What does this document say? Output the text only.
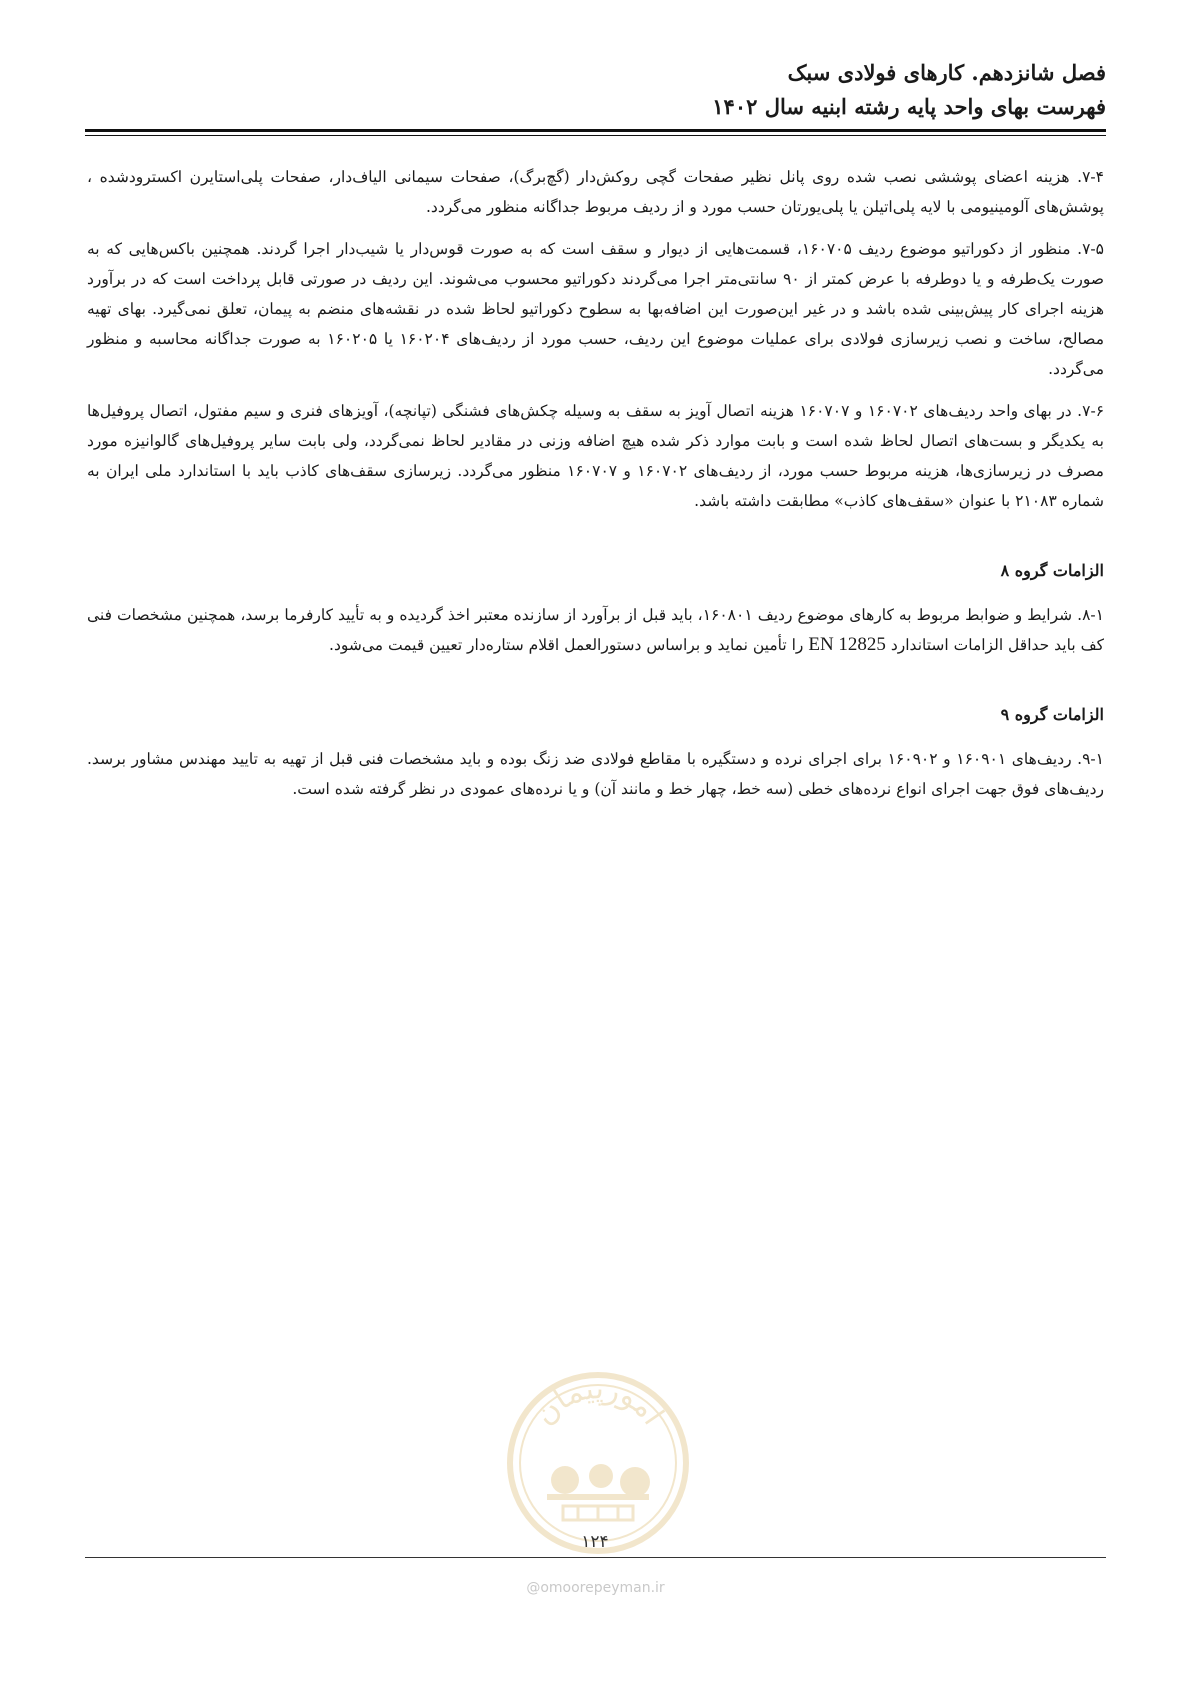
فصل شانزدهم. کارهای فولادی سبک
فهرست بهای واحد پایه رشته ابنیه سال ۱۴۰۲

۷-۴. هزینه اعضای پوششی نصب شده روی پانل نظیر صفحات گچی روکش‌دار (گچ‌برگ)، صفحات سیمانی الیاف‌دار، صفحات پلی‌استایرن اکسترودشده ، پوشش‌های آلومینیومی با لایه پلی‌اتیلن یا پلی‌یورتان حسب مورد و از ردیف مربوط جداگانه منظور می‌گردد.

۷-۵. منظور از دکوراتیو موضوع ردیف ۱۶۰۷۰۵، قسمت‌هایی از دیوار و سقف است که به صورت قوس‌دار یا شیب‌دار اجرا گردند. همچنین باکس‌هایی که به صورت یک‌طرفه و یا دوطرفه با عرض کمتر از ۹۰ سانتی‌متر اجرا می‌گردند دکوراتیو محسوب می‌شوند. این ردیف در صورتی قابل پرداخت است که در برآورد هزینه اجرای کار پیش‌بینی شده باشد و در غیر این‌صورت این اضافه‌بها به سطوح دکوراتیو لحاظ شده در نقشه‌های منضم به پیمان، تعلق نمی‌گیرد. بهای تهیه مصالح، ساخت و نصب زیرسازی فولادی برای عملیات موضوع این ردیف، حسب مورد از ردیف‌های ۱۶۰۲۰۴ یا ۱۶۰۲۰۵ به صورت جداگانه محاسبه و منظور می‌گردد.

۷-۶. در بهای واحد ردیف‌های ۱۶۰۷۰۲ و ۱۶۰۷۰۷ هزینه اتصال آویز به سقف به وسیله چکش‌های فشنگی (تپانچه)، آویزهای فنری و سیم مفتول، اتصال پروفیل‌ها به یکدیگر و بست‌های اتصال لحاظ شده است و بابت موارد ذکر شده هیچ اضافه وزنی در مقادیر لحاظ نمی‌گردد، ولی بابت سایر پروفیل‌های گالوانیزه مورد مصرف در زیرسازی‌ها، هزینه مربوط حسب مورد، از ردیف‌های ۱۶۰۷۰۲ و ۱۶۰۷۰۷ منظور می‌گردد. زیرسازی سقف‌های کاذب باید با استاندارد ملی ایران به شماره ۲۱۰۸۳ با عنوان «سقف‌های کاذب» مطابقت داشته باشد.

الزامات گروه ۸

۸-۱. شرایط و ضوابط مربوط به کارهای موضوع ردیف ۱۶۰۸۰۱، باید قبل از برآورد از سازنده معتبر اخذ گردیده و به تأیید کارفرما برسد، همچنین مشخصات فنی کف باید حداقل الزامات استاندارد EN 12825 را تأمین نماید و براساس دستورالعمل اقلام ستاره‌دار تعیین قیمت می‌شود.

الزامات گروه ۹

۹-۱. ردیف‌های ۱۶۰۹۰۱ و ۱۶۰۹۰۲ برای اجرای نرده و دستگیره با مقاطع فولادی ضد زنگ بوده و باید مشخصات فنی قبل از تهیه به تایید مهندس مشاور برسد. ردیف‌های فوق جهت اجرای انواع نرده‌های خطی (سه خط، چهار خط و مانند آن) و یا نرده‌های عمودی در نظر گرفته شده است.

امورپیمان
۱۲۴
@omoorepeyman.ir
